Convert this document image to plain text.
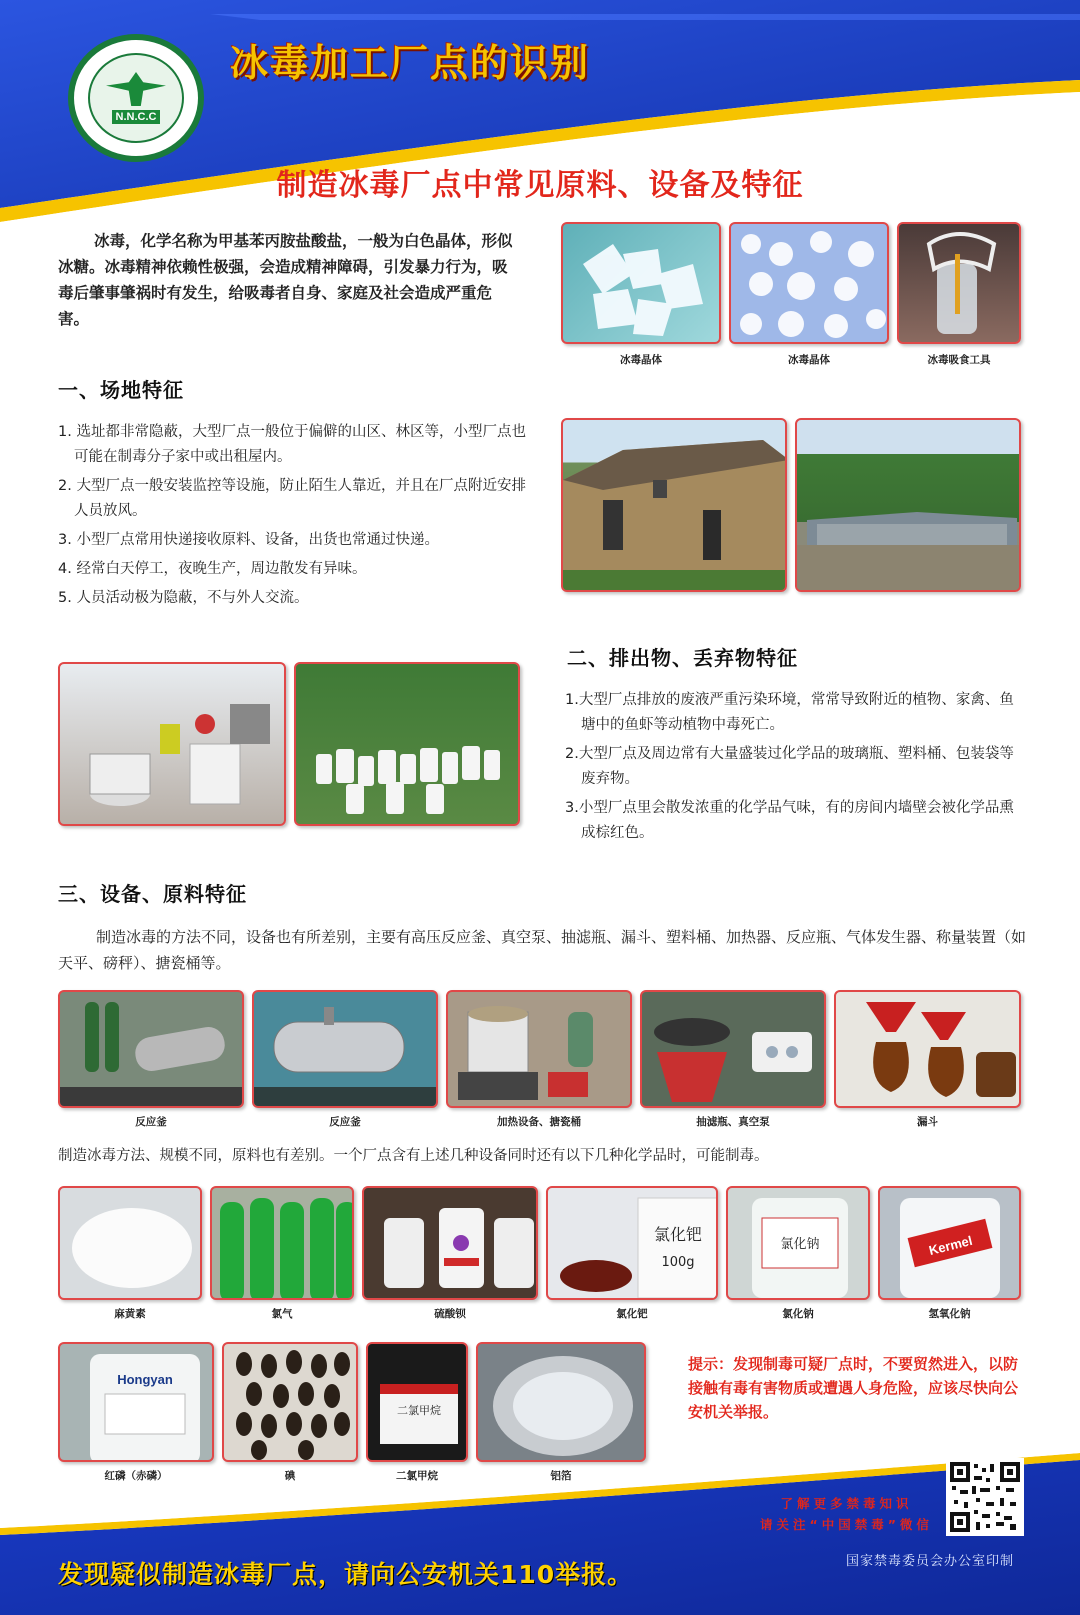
N.N.C.C
冰毒加工厂点的识别
制造冰毒厂点中常见原料、设备及特征
冰毒，化学名称为甲基苯丙胺盐酸盐，一般为白色晶体，形似冰糖。冰毒精神依赖性极强，会造成精神障碍，引发暴力行为，吸毒后肇事肇祸时有发生，给吸毒者自身、家庭及社会造成严重危害。
冰毒晶体	冰毒晶体	冰毒吸食工具
一、场地特征
1. 选址都非常隐蔽，大型厂点一般位于偏僻的山区、林区等，小型厂点也可能在制毒分子家中或出租屋内。
2. 大型厂点一般安装监控等设施，防止陌生人靠近，并且在厂点附近安排人员放风。
3. 小型厂点常用快递接收原料、设备，出货也常通过快递。
4. 经常白天停工，夜晚生产，周边散发有异味。
5. 人员活动极为隐蔽，不与外人交流。
二、排出物、丢弃物特征
1.大型厂点排放的废液严重污染环境，常常导致附近的植物、家禽、鱼塘中的鱼虾等动植物中毒死亡。
2.大型厂点及周边常有大量盛装过化学品的玻璃瓶、塑料桶、包装袋等废弃物。
3.小型厂点里会散发浓重的化学品气味，有的房间内墙壁会被化学品熏成棕红色。
三、设备、原料特征
制造冰毒的方法不同，设备也有所差别，主要有高压反应釜、真空泵、抽滤瓶、漏斗、塑料桶、加热器、反应瓶、气体发生器、称量装置（如天平、磅秤）、搪瓷桶等。
反应釜	反应釜	加热设备、搪瓷桶	抽滤瓶、真空泵	漏斗
制造冰毒方法、规模不同，原料也有差别。一个厂点含有上述几种设备同时还有以下几种化学品时，可能制毒。
氯化钯
100g
氯化钠	Kermel
麻黄素	氯气	硫酸钡	氯化钯	氯化钠	氢氧化钠
Hongyan
二氯甲烷
红磷（赤磷）	碘	二氯甲烷	铝箔
提示：发现制毒可疑厂点时，不要贸然进入，以防接触有毒有害物质或遭遇人身危险，应该尽快向公安机关举报。
了解更多禁毒知识
请关注“中国禁毒”微信
发现疑似制造冰毒厂点，请向公安机关110举报。	国家禁毒委员会办公室印制
